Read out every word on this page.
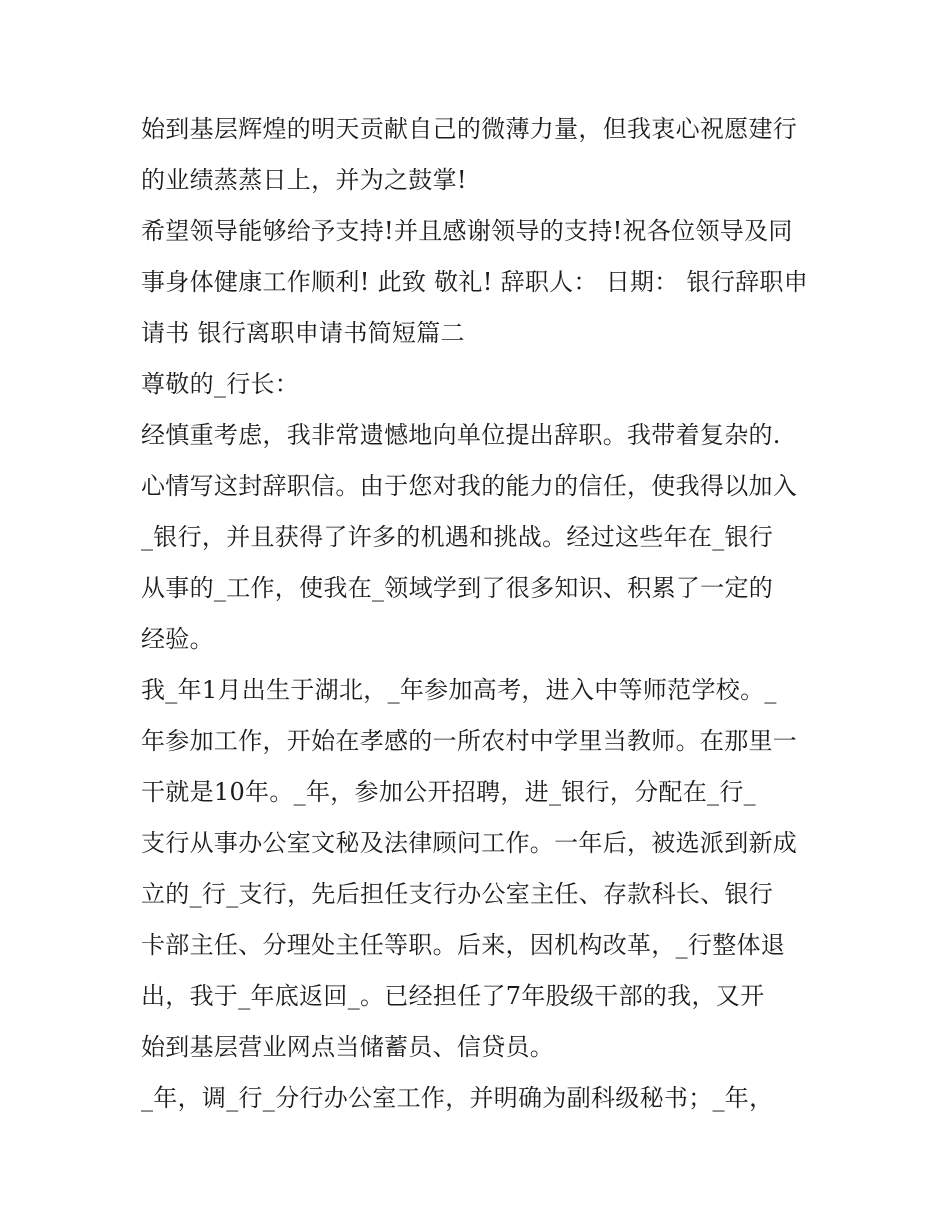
始到基层辉煌的明天贡献自己的微薄力量，但我衷心祝愿建行
的业绩蒸蒸日上，并为之鼓掌!
希望领导能够给予支持!并且感谢领导的支持!祝各位领导及同
事身体健康工作顺利! 此致 敬礼! 辞职人： 日期： 银行辞职申
请书 银行离职申请书简短篇二
尊敬的_行长：
经慎重考虑，我非常遗憾地向单位提出辞职。我带着复杂的.
心情写这封辞职信。由于您对我的能力的信任，使我得以加入
_银行，并且获得了许多的机遇和挑战。经过这些年在_银行
从事的_工作，使我在_领域学到了很多知识、积累了一定的
经验。
我_年1月出生于湖北，_年参加高考，进入中等师范学校。_
年参加工作，开始在孝感的一所农村中学里当教师。在那里一
干就是10年。_年，参加公开招聘，进_银行，分配在_行_
支行从事办公室文秘及法律顾问工作。一年后，被选派到新成
立的_行_支行，先后担任支行办公室主任、存款科长、银行
卡部主任、分理处主任等职。后来，因机构改革，_行整体退
出，我于_年底返回_。已经担任了7年股级干部的我，又开
始到基层营业网点当储蓄员、信贷员。
_年，调_行_分行办公室工作，并明确为副科级秘书；_年，
